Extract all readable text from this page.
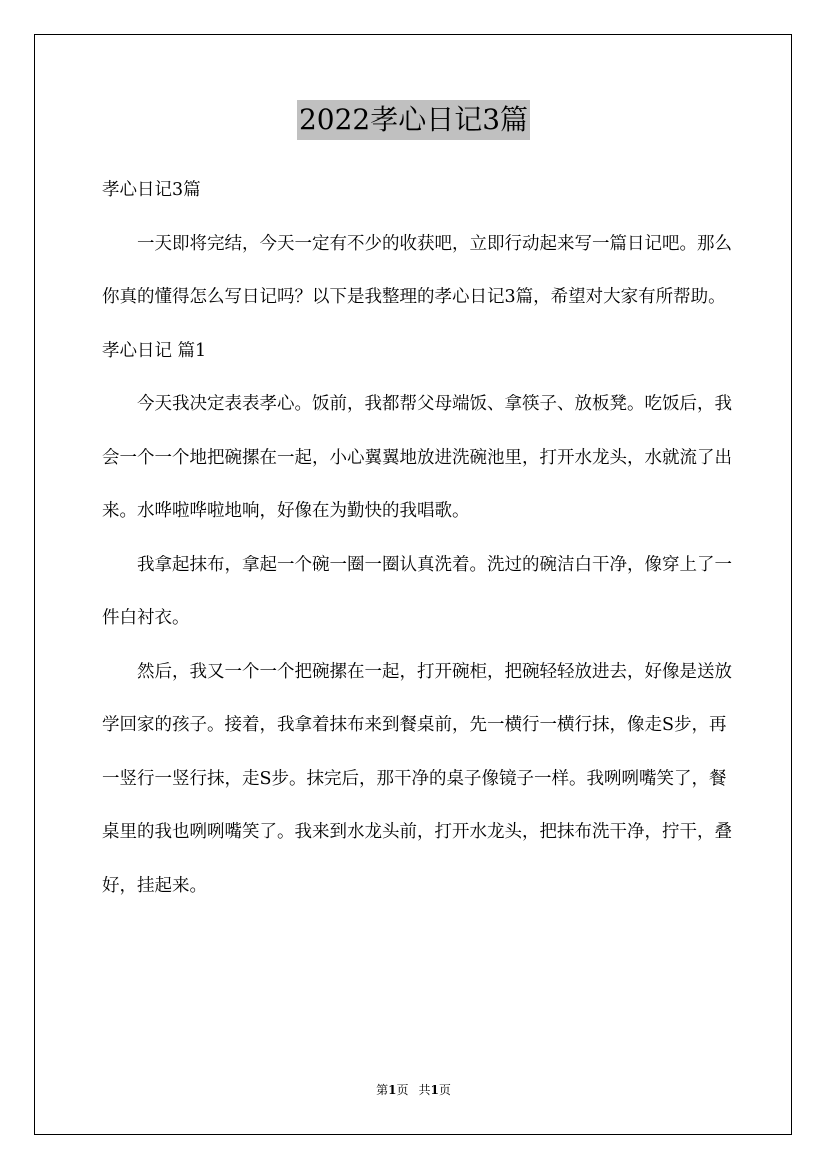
2022孝心日记3篇

孝心日记3篇

一天即将完结，今天一定有不少的收获吧，立即行动起来写一篇日记吧。那么你真的懂得怎么写日记吗？以下是我整理的孝心日记3篇，希望对大家有所帮助。

孝心日记 篇1

今天我决定表表孝心。饭前，我都帮父母端饭、拿筷子、放板凳。吃饭后，我会一个一个地把碗摞在一起，小心翼翼地放进洗碗池里，打开水龙头，水就流了出来。水哗啦哗啦地响，好像在为勤快的我唱歌。

我拿起抹布，拿起一个碗一圈一圈认真洗着。洗过的碗洁白干净，像穿上了一件白衬衣。

然后，我又一个一个把碗摞在一起，打开碗柜，把碗轻轻放进去，好像是送放学回家的孩子。接着，我拿着抹布来到餐桌前，先一横行一横行抹，像走S步，再一竖行一竖行抹，走S步。抹完后，那干净的桌子像镜子一样。我咧咧嘴笑了，餐桌里的我也咧咧嘴笑了。我来到水龙头前，打开水龙头，把抹布洗干净，拧干，叠好，挂起来。

第1页 共1页
